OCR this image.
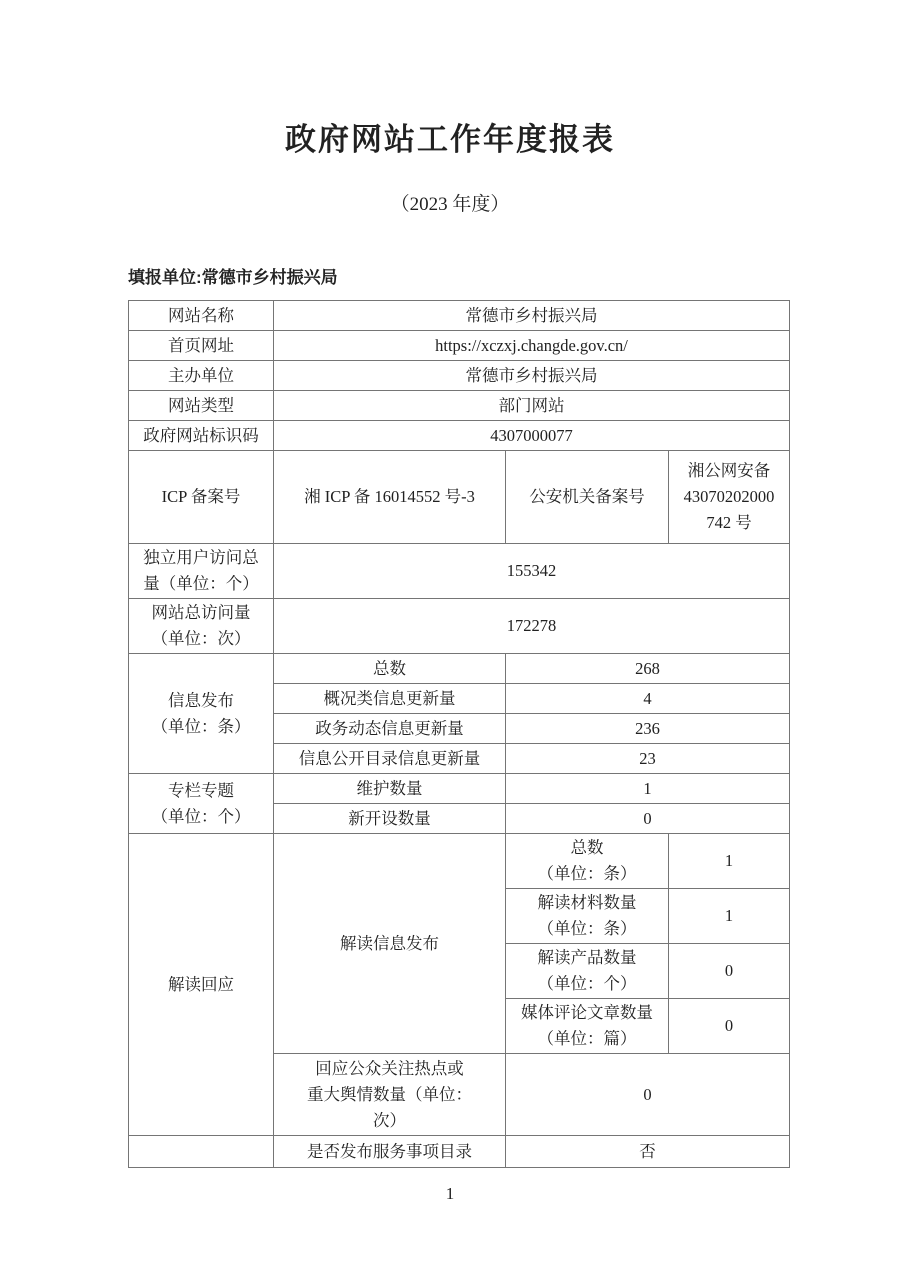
政府网站工作年度报表
（2023 年度）
填报单位:常德市乡村振兴局
网站名称	常德市乡村振兴局		
首页网址	https://xczxj.changde.gov.cn/		
主办单位	常德市乡村振兴局		
网站类型	部门网站		
政府网站标识码	4307000077		
ICP 备案号	湘 ICP 备 16014552 号-3	公安机关备案号	湘公网安备
43070202000
742 号

独立用户访问总
量（单位：个）	155342		

网站总访问量
（单位：次）	172278		

信息发布
（单位：条）	总数	268	
	概况类信息更新量	4	
	政务动态信息更新量	236	
	信息公开目录信息更新量	23	

专栏专题
（单位：个）	维护数量	1	
	新开设数量	0	
解读回应	解读信息发布	总数
（单位：条）	1

		解读材料数量
（单位：条）	1

		解读产品数量
（单位：个）	0

		媒体评论文章数量
（单位：篇）	0

	回应公众关注热点或
重大舆情数量（单位：
次）	0	
	是否发布服务事项目录	否	
1
